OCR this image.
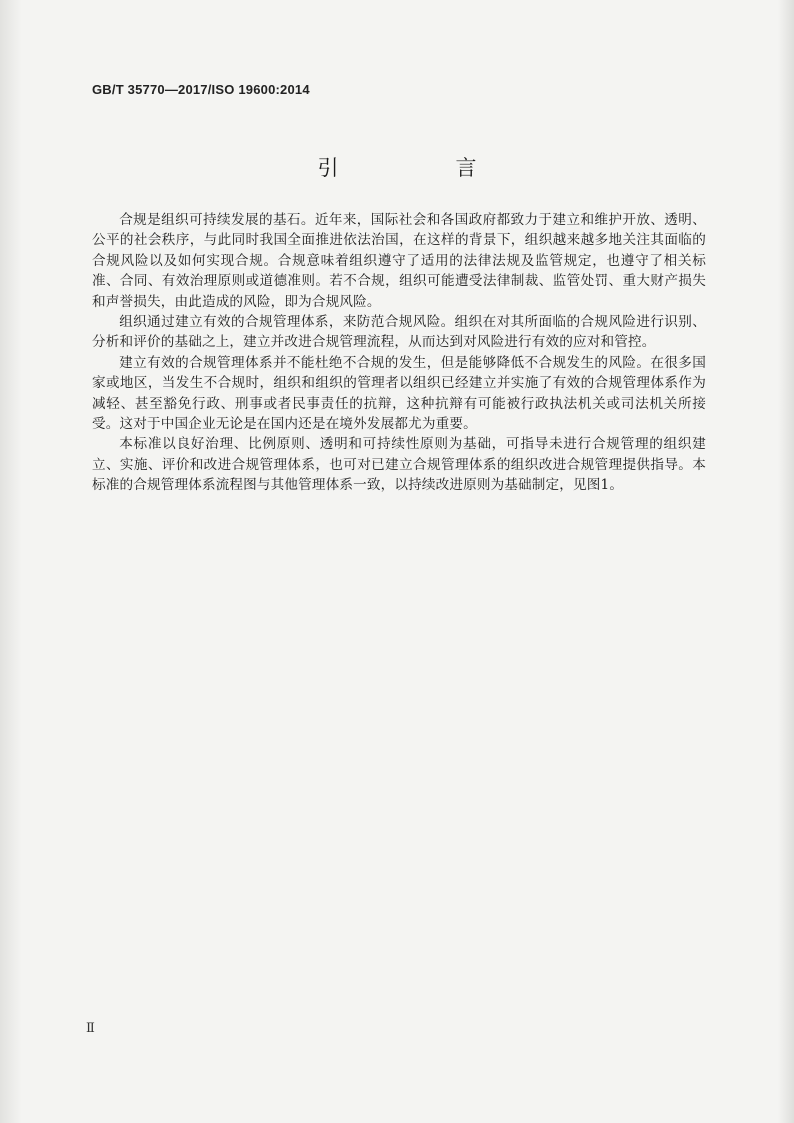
GB/T 35770—2017/ISO 19600:2014
引　言

合规是组织可持续发展的基石。近年来，国际社会和各国政府都致力于建立和维护开放、透明、公平的社会秩序，与此同时我国全面推进依法治国，在这样的背景下，组织越来越多地关注其面临的合规风险以及如何实现合规。合规意味着组织遵守了适用的法律法规及监管规定，也遵守了相关标准、合同、有效治理原则或道德准则。若不合规，组织可能遭受法律制裁、监管处罚、重大财产损失和声誉损失，由此造成的风险，即为合规风险。

组织通过建立有效的合规管理体系，来防范合规风险。组织在对其所面临的合规风险进行识别、分析和评价的基础之上，建立并改进合规管理流程，从而达到对风险进行有效的应对和管控。

建立有效的合规管理体系并不能杜绝不合规的发生，但是能够降低不合规发生的风险。在很多国家或地区，当发生不合规时，组织和组织的管理者以组织已经建立并实施了有效的合规管理体系作为减轻、甚至豁免行政、刑事或者民事责任的抗辩，这种抗辩有可能被行政执法机关或司法机关所接受。这对于中国企业无论是在国内还是在境外发展都尤为重要。

本标准以良好治理、比例原则、透明和可持续性原则为基础，可指导未进行合规管理的组织建立、实施、评价和改进合规管理体系，也可对已建立合规管理体系的组织改进合规管理提供指导。本标准的合规管理体系流程图与其他管理体系一致，以持续改进原则为基础制定，见图1。

Ⅱ
